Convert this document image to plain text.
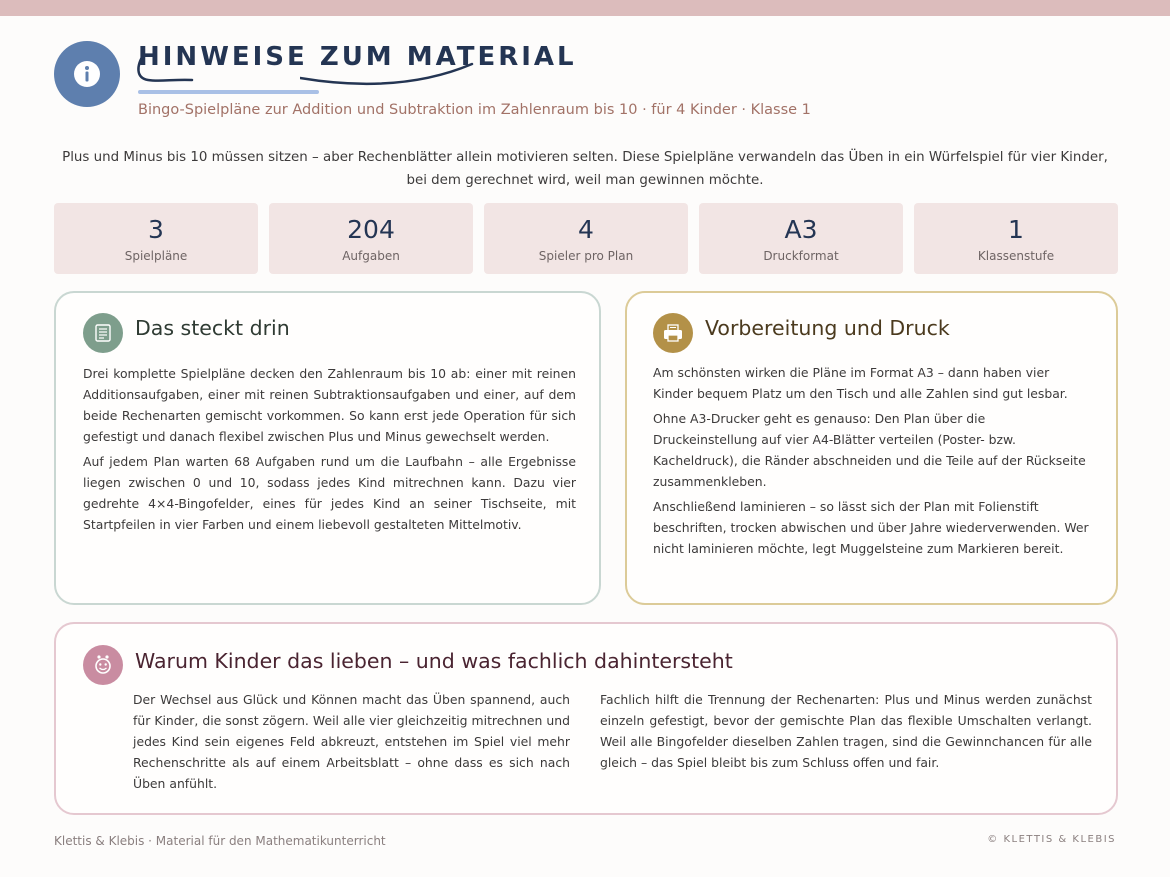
HINWEISE ZUM MATERIAL
Bingo-Spielpläne zur Addition und Subtraktion im Zahlenraum bis 10 · für 4 Kinder · Klasse 1
Plus und Minus bis 10 müssen sitzen – aber Rechenblätter allein motivieren selten. Diese Spielpläne verwandeln das Üben in ein Würfelspiel für vier Kinder, bei dem gerechnet wird, weil man gewinnen möchte.
3
Spielpläne
204
Aufgaben
4
Spieler pro Plan
A3
Druckformat
1
Klassenstufe
Das steckt drin

Drei komplette Spielpläne decken den Zahlenraum bis 10 ab: einer mit reinen Additionsaufgaben, einer mit reinen Subtraktionsaufgaben und einer, auf dem beide Rechenarten gemischt vorkommen. So kann erst jede Operation für sich gefestigt und danach flexibel zwischen Plus und Minus gewechselt werden.

Auf jedem Plan warten 68 Aufgaben rund um die Laufbahn – alle Ergebnisse liegen zwischen 0 und 10, sodass jedes Kind mitrechnen kann. Dazu vier gedrehte 4×4-Bingofelder, eines für jedes Kind an seiner Tischseite, mit Startpfeilen in vier Farben und einem liebevoll gestalteten Mittelmotiv.

Vorbereitung und Druck

Am schönsten wirken die Pläne im Format A3 – dann haben vier Kinder bequem Platz um den Tisch und alle Zahlen sind gut lesbar.

Ohne A3-Drucker geht es genauso: Den Plan über die Druckeinstellung auf vier A4-Blätter verteilen (Poster- bzw. Kacheldruck), die Ränder abschneiden und die Teile auf der Rückseite zusammenkleben.

Anschließend laminieren – so lässt sich der Plan mit Folienstift beschriften, trocken abwischen und über Jahre wiederverwenden. Wer nicht laminieren möchte, legt Muggelsteine zum Markieren bereit.

Warum Kinder das lieben – und was fachlich dahintersteht

Der Wechsel aus Glück und Können macht das Üben spannend, auch für Kinder, die sonst zögern. Weil alle vier gleichzeitig mitrechnen und jedes Kind sein eigenes Feld abkreuzt, entstehen im Spiel viel mehr Rechenschritte als auf einem Arbeitsblatt – ohne dass es sich nach Üben anfühlt.

Fachlich hilft die Trennung der Rechenarten: Plus und Minus werden zunächst einzeln gefestigt, bevor der gemischte Plan das flexible Umschalten verlangt. Weil alle Bingofelder dieselben Zahlen tragen, sind die Gewinnchancen für alle gleich – das Spiel bleibt bis zum Schluss offen und fair.

Klettis & Klebis · Material für den Mathematikunterricht	© KLETTIS & KLEBIS
